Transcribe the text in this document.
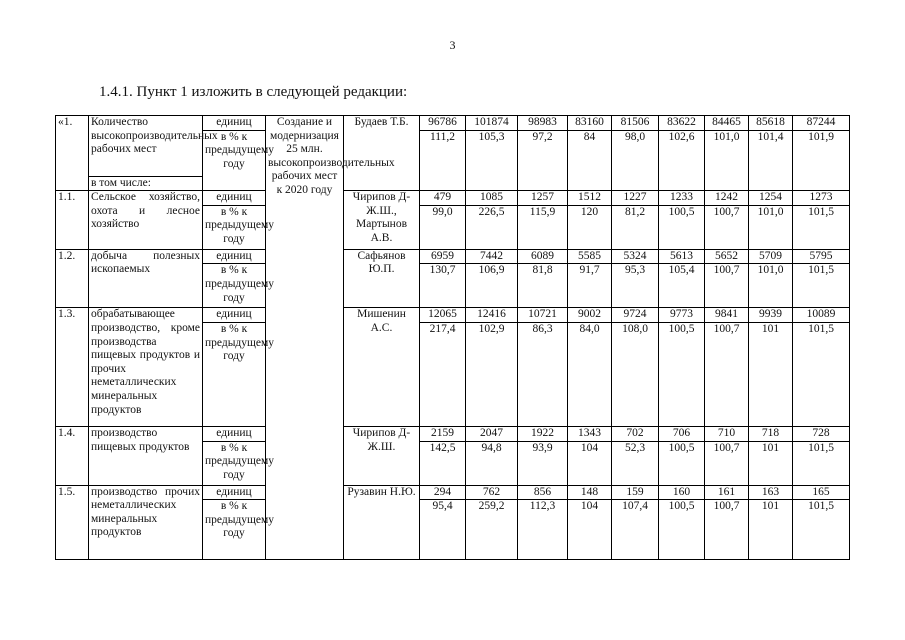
3
1.4.1. Пункт 1 изложить в следующей редакции:
«1.	Количество высокопроизводительных рабочих мест	единиц	Создание и модернизация 25 млн. высокопроизводительных рабочих мест к 2020 году	Будаев Т.Б.	96786	101874	98983	83160	81506	83622	84465	85618	87244
		в % к предыдущему году			111,2	105,3	97,2	84	98,0	102,6	101,0	101,4	101,9
	в том числе:												
1.1.	Сельское хозяйство, охота и лесное хозяйство	единиц		Чирипов Д-Ж.Ш., Мартынов А.В.	479	1085	1257	1512	1227	1233	1242	1254	1273
		в % к предыдущему году			99,0	226,5	115,9	120	81,2	100,5	100,7	101,0	101,5
1.2.	добыча полезных ископаемых	единиц		Сафьянов Ю.П.	6959	7442	6089	5585	5324	5613	5652	5709	5795
		в % к предыдущему году			130,7	106,9	81,8	91,7	95,3	105,4	100,7	101,0	101,5
1.3.	обрабатывающее производство, кроме производства пищевых продуктов и прочих неметаллических минеральных продуктов	единиц		Мишенин А.С.	12065	12416	10721	9002	9724	9773	9841	9939	10089
		в % к предыдущему году			217,4	102,9	86,3	84,0	108,0	100,5	100,7	101	101,5
1.4.	производство пищевых продуктов	единиц		Чирипов Д-Ж.Ш.	2159	2047	1922	1343	702	706	710	718	728
		в % к предыдущему году			142,5	94,8	93,9	104	52,3	100,5	100,7	101	101,5
1.5.	производство прочих неметаллических минеральных продуктов	единиц		Рузавин Н.Ю.	294	762	856	148	159	160	161	163	165
		в % к предыдущему году			95,4	259,2	112,3	104	107,4	100,5	100,7	101	101,5
